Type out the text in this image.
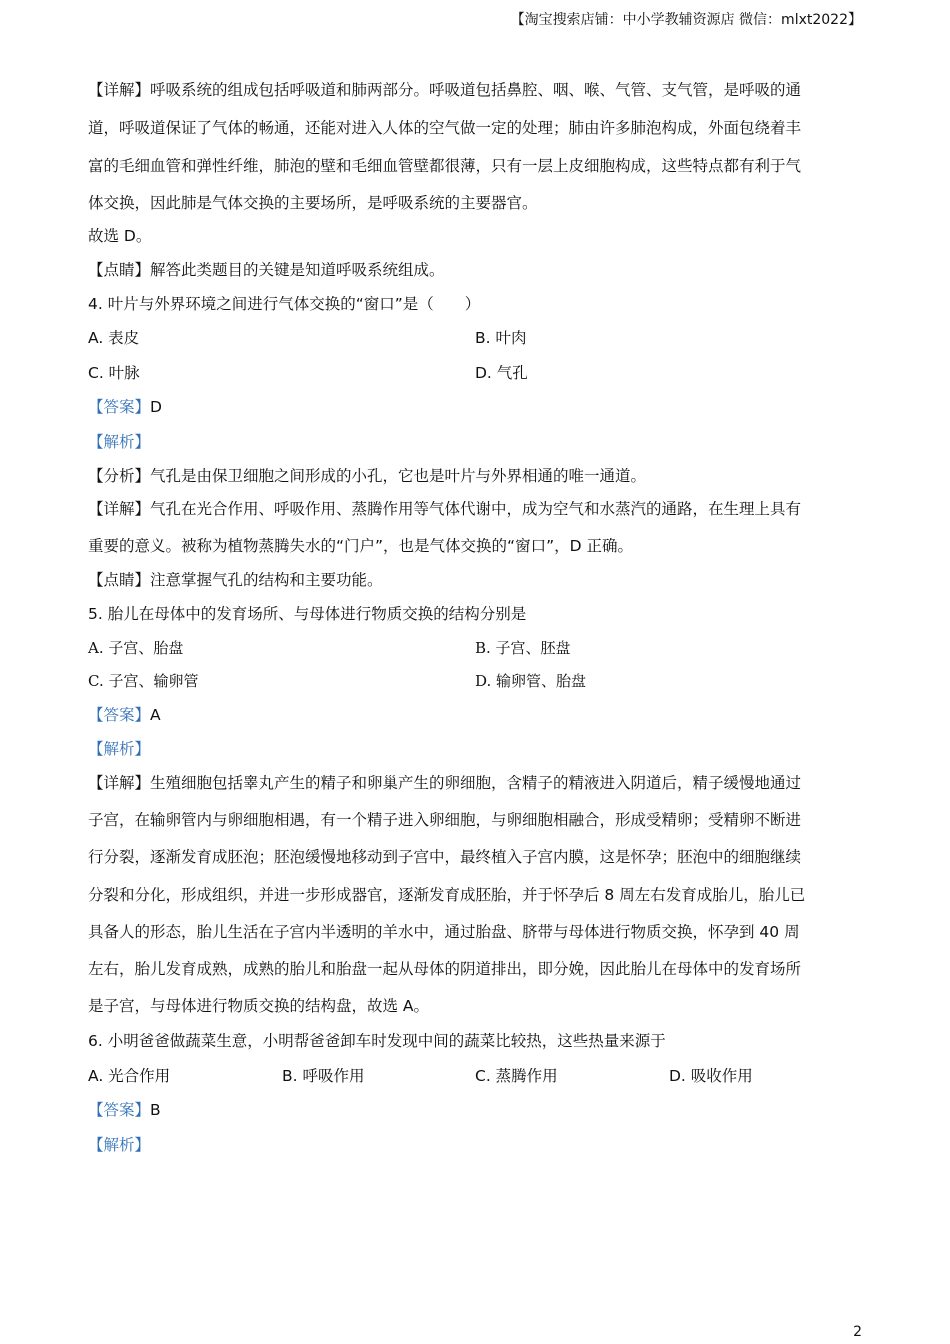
【淘宝搜索店铺：中小学教辅资源店 微信：mlxt2022】
【详解】呼吸系统的组成包括呼吸道和肺两部分。呼吸道包括鼻腔、咽、喉、气管、支气管，是呼吸的通
道，呼吸道保证了气体的畅通，还能对进入人体的空气做一定的处理；肺由许多肺泡构成，外面包绕着丰
富的毛细血管和弹性纤维，肺泡的壁和毛细血管壁都很薄，只有一层上皮细胞构成，这些特点都有利于气
体交换，因此肺是气体交换的主要场所，是呼吸系统的主要器官。
故选 D。
【点睛】解答此类题目的关键是知道呼吸系统组成。
4. 叶片与外界环境之间进行气体交换的“窗口”是（　　）
A. 表皮	B. 叶肉
C. 叶脉	D. 气孔
【答案】D
【解析】
【分析】气孔是由保卫细胞之间形成的小孔，它也是叶片与外界相通的唯一通道。
【详解】气孔在光合作用、呼吸作用、蒸腾作用等气体代谢中，成为空气和水蒸汽的通路，在生理上具有
重要的意义。被称为植物蒸腾失水的“门户”，也是气体交换的“窗口”，D 正确。
【点睛】注意掌握气孔的结构和主要功能。
5. 胎儿在母体中的发育场所、与母体进行物质交换的结构分别是
A. 子宫、胎盘	B. 子宫、胚盘
C. 子宫、输卵管	D. 输卵管、胎盘
【答案】A
【解析】
【详解】生殖细胞包括睾丸产生的精子和卵巢产生的卵细胞，含精子的精液进入阴道后，精子缓慢地通过
子宫，在输卵管内与卵细胞相遇，有一个精子进入卵细胞，与卵细胞相融合，形成受精卵；受精卵不断进
行分裂，逐渐发育成胚泡；胚泡缓慢地移动到子宫中，最终植入子宫内膜，这是怀孕；胚泡中的细胞继续
分裂和分化，形成组织，并进一步形成器官，逐渐发育成胚胎，并于怀孕后 8 周左右发育成胎儿，胎儿已
具备人的形态，胎儿生活在子宫内半透明的羊水中，通过胎盘、脐带与母体进行物质交换，怀孕到 40 周
左右，胎儿发育成熟，成熟的胎儿和胎盘一起从母体的阴道排出，即分娩，因此胎儿在母体中的发育场所
是子宫，与母体进行物质交换的结构盘，故选 A。
6. 小明爸爸做蔬菜生意，小明帮爸爸卸车时发现中间的蔬菜比较热，这些热量来源于
A. 光合作用	B. 呼吸作用	C. 蒸腾作用	D. 吸收作用
【答案】B
【解析】
2
